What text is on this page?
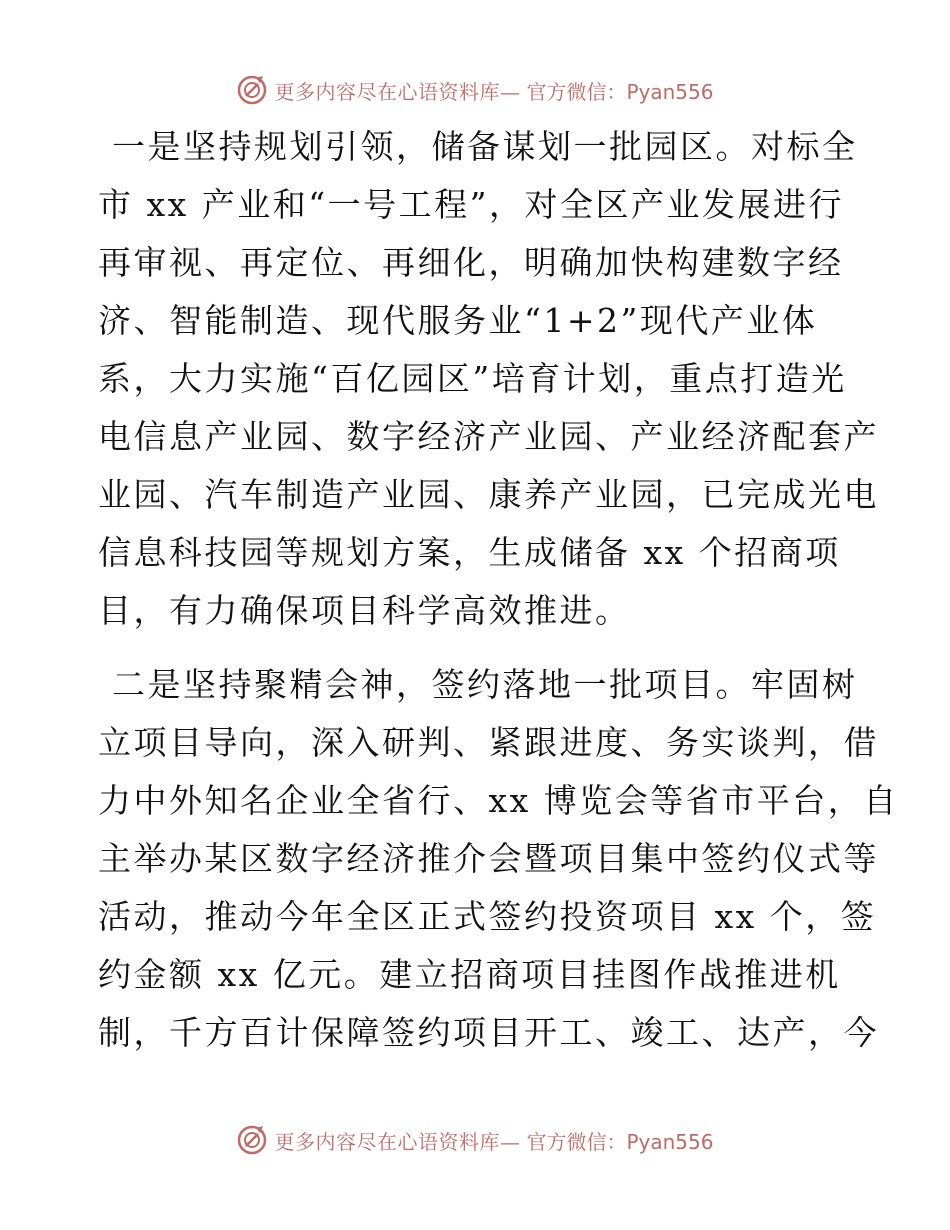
更多内容尽在心语资料库— 官方微信：Pyan556
一是坚持规划引领，储备谋划一批园区。对标全
市 xx 产业和“一号工程”，对全区产业发展进行
再审视、再定位、再细化，明确加快构建数字经
济、智能制造、现代服务业“1+2”现代产业体
系，大力实施“百亿园区”培育计划，重点打造光
电信息产业园、数字经济产业园、产业经济配套产
业园、汽车制造产业园、康养产业园，已完成光电
信息科技园等规划方案，生成储备 xx 个招商项
目，有力确保项目科学高效推进。
二是坚持聚精会神，签约落地一批项目。牢固树
立项目导向，深入研判、紧跟进度、务实谈判，借
力中外知名企业全省行、xx 博览会等省市平台，自
主举办某区数字经济推介会暨项目集中签约仪式等
活动，推动今年全区正式签约投资项目 xx 个，签
约金额 xx 亿元。建立招商项目挂图作战推进机
制，千方百计保障签约项目开工、竣工、达产，今
更多内容尽在心语资料库— 官方微信：Pyan556
